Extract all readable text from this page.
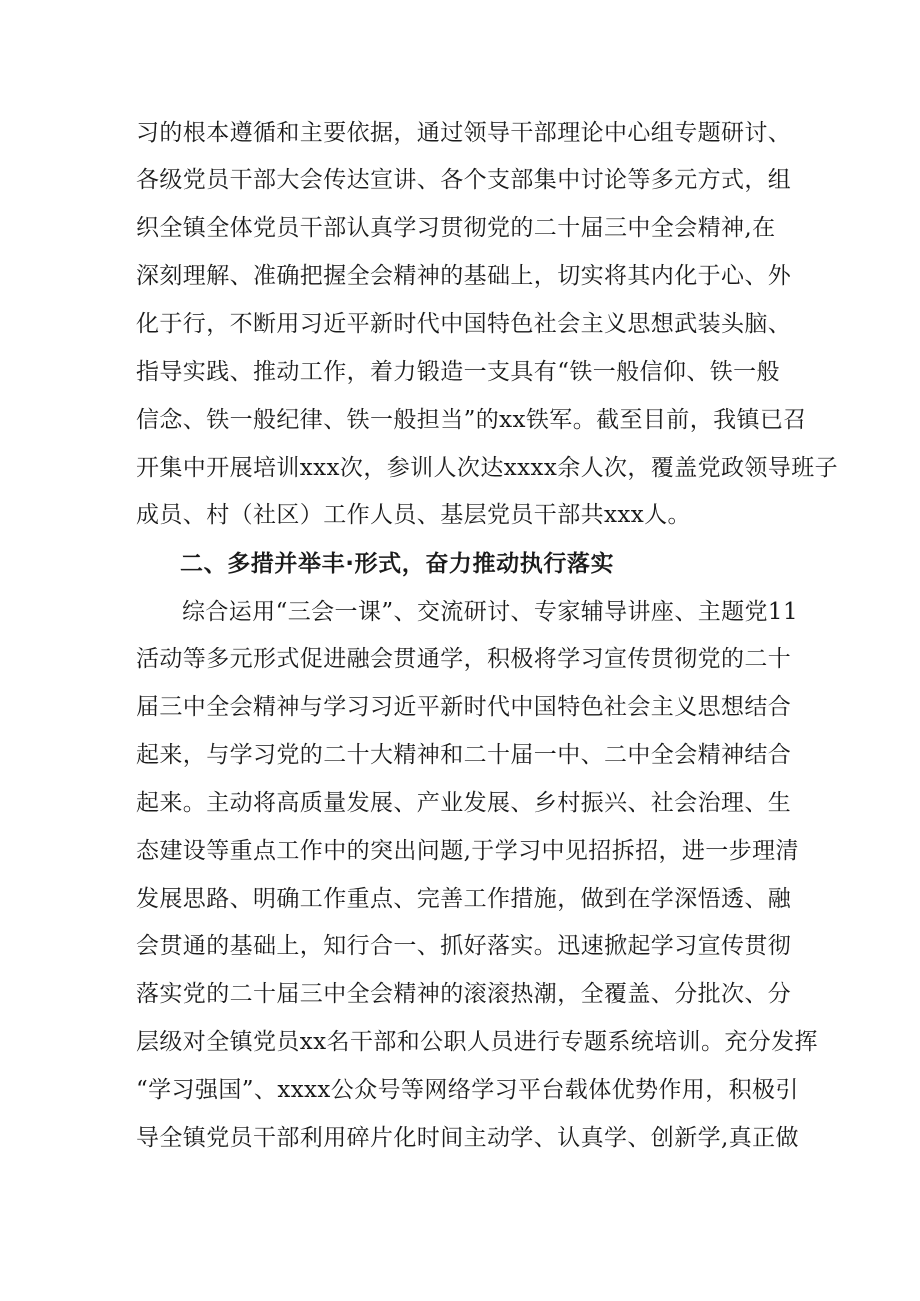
习的根本遵循和主要依据，通过领导干部理论中心组专题研讨、
各级党员干部大会传达宣讲、各个支部集中讨论等多元方式，组
织全镇全体党员干部认真学习贯彻党的二十届三中全会精神,在
深刻理解、准确把握全会精神的基础上，切实将其内化于心、外
化于行，不断用习近平新时代中国特色社会主义思想武装头脑、
指导实践、推动工作，着力锻造一支具有“铁一般信仰、铁一般
信念、铁一般纪律、铁一般担当”的xx铁军。截至目前，我镇已召
开集中开展培训xxx次，参训人次达xxxx余人次，覆盖党政领导班子
成员、村（社区）工作人员、基层党员干部共xxx人。
二、多措并举丰·形式，奋力推动执行落实
综合运用“三会一课”、交流研讨、专家辅导讲座、主题党11
活动等多元形式促进融会贯通学，积极将学习宣传贯彻党的二十
届三中全会精神与学习习近平新时代中国特色社会主义思想结合
起来，与学习党的二十大精神和二十届一中、二中全会精神结合
起来。主动将高质量发展、产业发展、乡村振兴、社会治理、生
态建设等重点工作中的突出问题,于学习中见招拆招，进一步理清
发展思路、明确工作重点、完善工作措施，做到在学深悟透、融
会贯通的基础上，知行合一、抓好落实。迅速掀起学习宣传贯彻
落实党的二十届三中全会精神的滚滚热潮，全覆盖、分批次、分
层级对全镇党员xx名干部和公职人员进行专题系统培训。充分发挥
“学习强国”、xxxx公众号等网络学习平台载体优势作用，积极引
导全镇党员干部利用碎片化时间主动学、认真学、创新学,真正做
